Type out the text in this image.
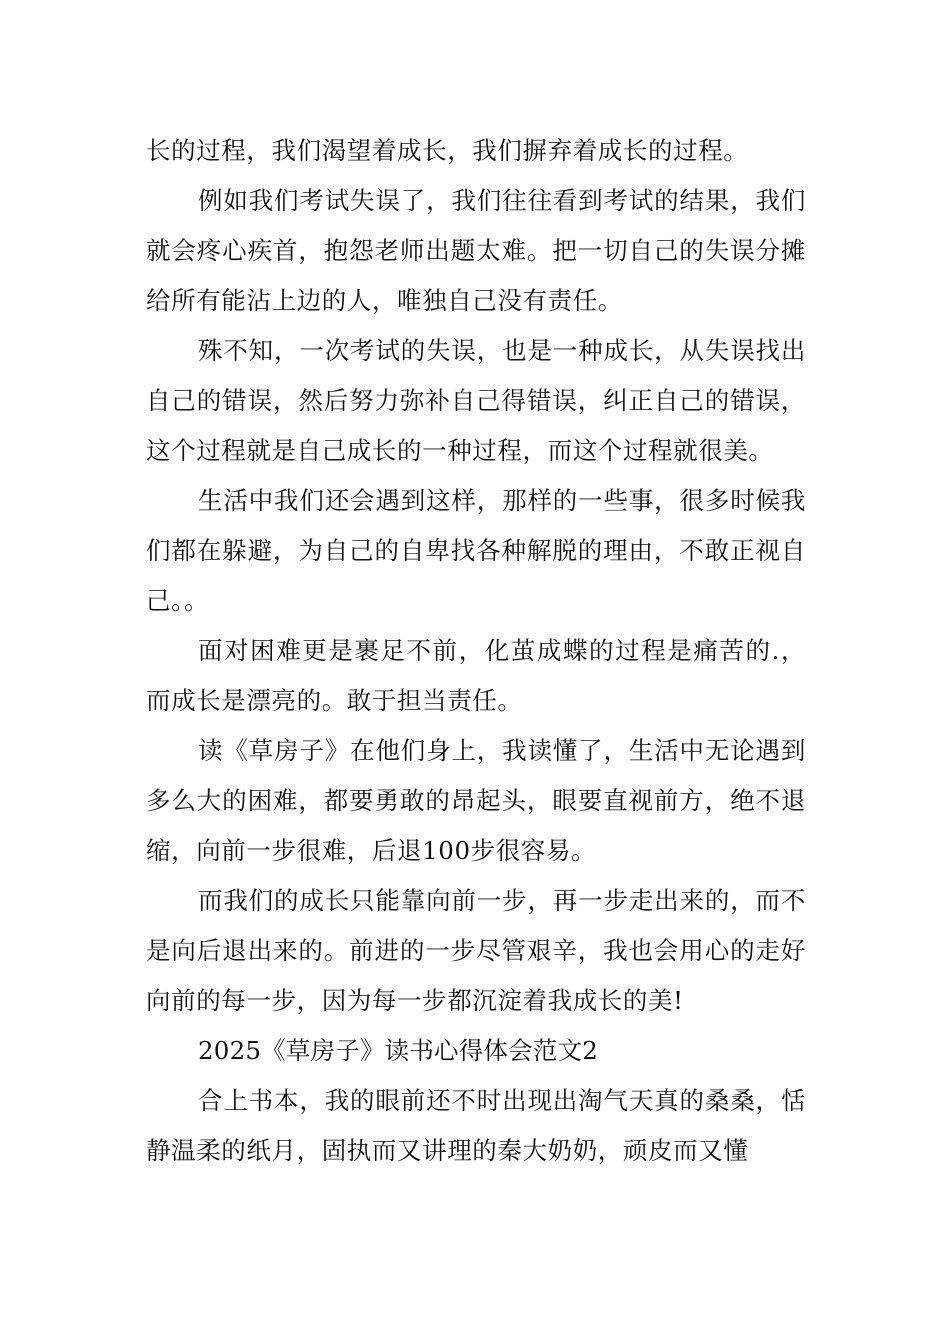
长的过程，我们渴望着成长，我们摒弃着成长的过程。

例如我们考试失误了，我们往往看到考试的结果，我们就会疼心疾首，抱怨老师出题太难。把一切自己的失误分摊给所有能沾上边的人，唯独自己没有责任。

殊不知，一次考试的失误，也是一种成长，从失误找出自己的错误，然后努力弥补自己得错误，纠正自己的错误，这个过程就是自己成长的一种过程，而这个过程就很美。

生活中我们还会遇到这样，那样的一些事，很多时候我们都在躲避，为自己的自卑找各种解脱的理由，不敢正视自己。。

面对困难更是裹足不前，化茧成蝶的过程是痛苦的.，而成长是漂亮的。敢于担当责任。

读《草房子》在他们身上，我读懂了，生活中无论遇到多么大的困难，都要勇敢的昂起头，眼要直视前方，绝不退缩，向前一步很难，后退100步很容易。

而我们的成长只能靠向前一步，再一步走出来的，而不是向后退出来的。前进的一步尽管艰辛，我也会用心的走好向前的每一步，因为每一步都沉淀着我成长的美!

2025《草房子》读书心得体会范文2

合上书本，我的眼前还不时出现出淘气天真的桑桑，恬静温柔的纸月，固执而又讲理的秦大奶奶，顽皮而又懂
